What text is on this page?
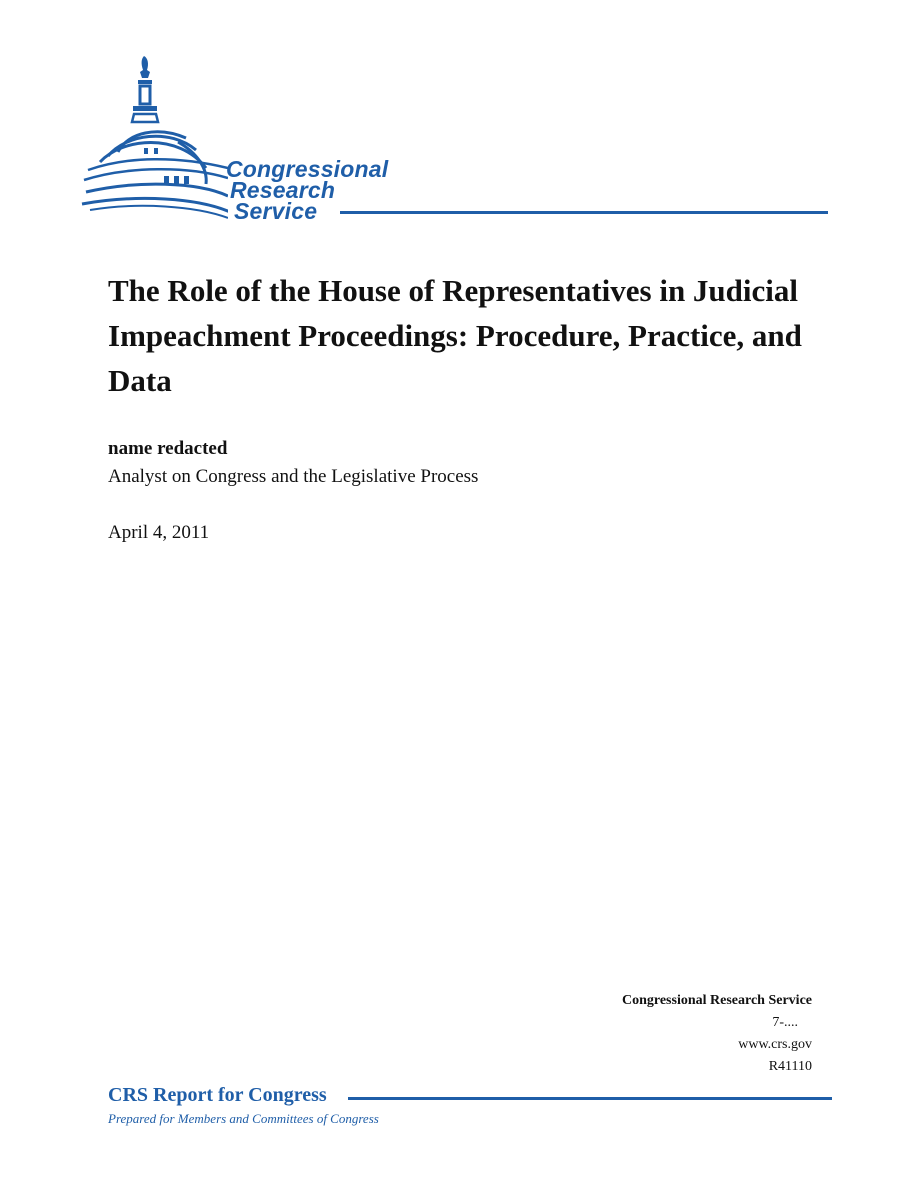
Congressional
Research
Service
The Role of the House of Representatives in Judicial Impeachment Proceedings: Procedure, Practice, and Data

name redacted

Analyst on Congress and the Legislative Process

April 4, 2011

Congressional Research Service
7-....
www.crs.gov
R41110
CRS Report for Congress
Prepared for Members and Committees of Congress
